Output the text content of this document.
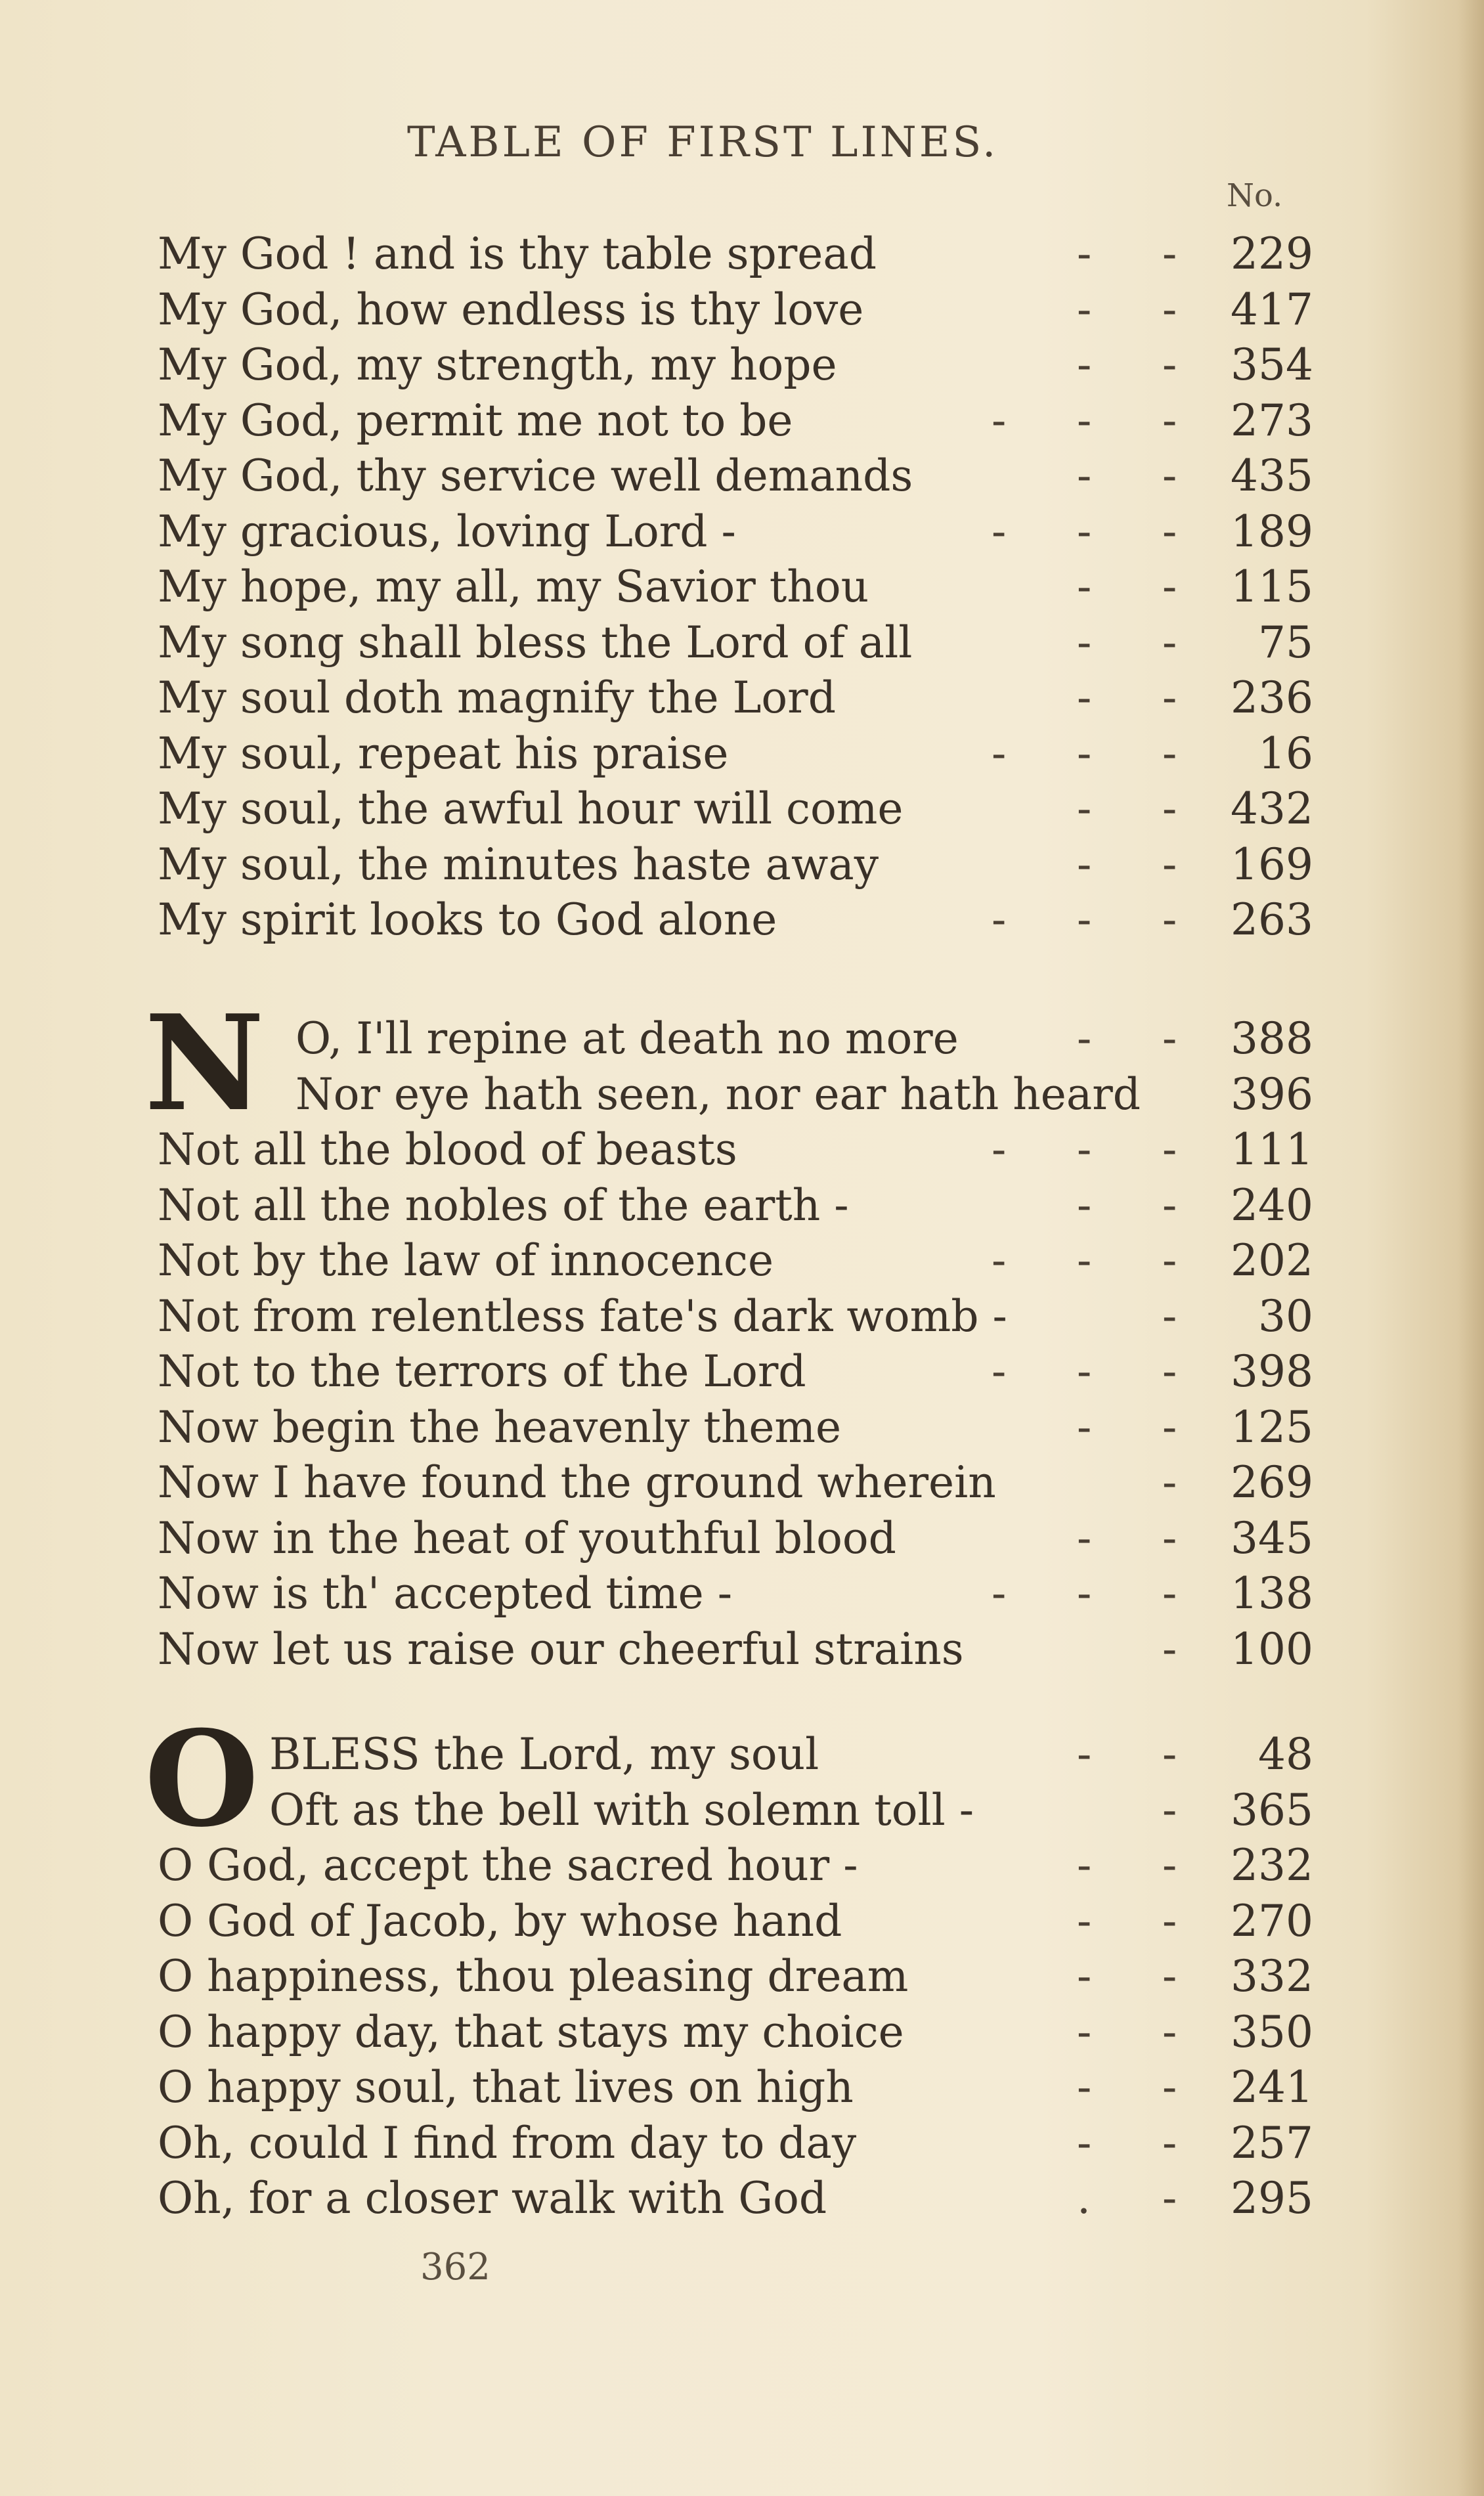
TABLE OF FIRST LINES.
No.
My God ! and is thy table spread	- -	229
My God, how endless is thy love	- -	417
My God, my strength, my hope	- -	354
My God, permit me not to be	- - -	273
My God, thy service well demands	- -	435
My gracious, loving Lord -	- - -	189
My hope, my all, my Savior thou	- -	115
My song shall bless the Lord of all	- -	75
My soul doth magnify the Lord	- -	236
My soul, repeat his praise	- - -	16
My soul, the awful hour will come	- -	432
My soul, the minutes haste away	- -	169
My spirit looks to God alone	- - -	263
N O, I'll repine at death no more	- -	388
Nor eye hath seen, nor ear hath heard	396
Not all the blood of beasts	- - -	111
Not all the nobles of the earth -	- -	240
Not by the law of innocence	- - -	202
Not from relentless fate's dark womb -	-	30
Not to the terrors of the Lord	- - -	398
Now begin the heavenly theme	- -	125
Now I have found the ground wherein	-	269
Now in the heat of youthful blood	- -	345
Now is th' accepted time -	- - -	138
Now let us raise our cheerful strains	-	100
O BLESS the Lord, my soul	- -	48
Oft as the bell with solemn toll -	-	365
O God, accept the sacred hour -	- -	232
O God of Jacob, by whose hand	- -	270
O happiness, thou pleasing dream	- -	332
O happy day, that stays my choice	- -	350
O happy soul, that lives on high	- -	241
Oh, could I find from day to day	- -	257
Oh, for a closer walk with God	. -	295
362
